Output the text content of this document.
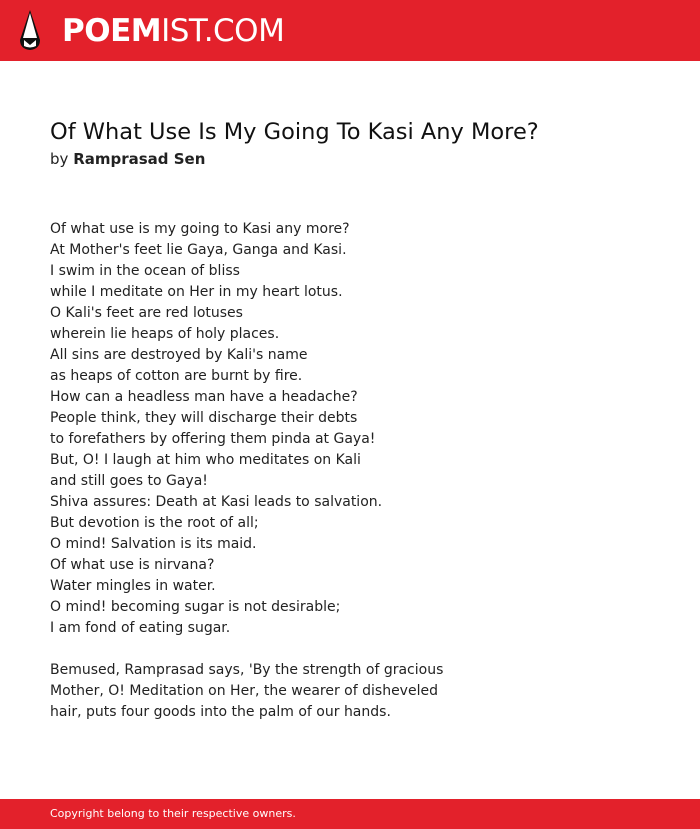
POEMIST.COM
Of What Use Is My Going To Kasi Any More?
by Ramprasad Sen
Of what use is my going to Kasi any more?
At Mother's feet lie Gaya, Ganga and Kasi.
I swim in the ocean of bliss
while I meditate on Her in my heart lotus.
O Kali's feet are red lotuses
wherein lie heaps of holy places.
All sins are destroyed by Kali's name
as heaps of cotton are burnt by fire.
How can a headless man have a headache?
People think, they will discharge their debts
to forefathers by offering them pinda at Gaya!
But, O! I laugh at him who meditates on Kali
and still goes to Gaya!
Shiva assures: Death at Kasi leads to salvation.
But devotion is the root of all;
O mind! Salvation is its maid.
Of what use is nirvana?
Water mingles in water.
O mind! becoming sugar is not desirable;
I am fond of eating sugar.
Bemused, Ramprasad says, 'By the strength of gracious
Mother, O! Meditation on Her, the wearer of disheveled
hair, puts four goods into the palm of our hands.
Copyright belong to their respective owners.
